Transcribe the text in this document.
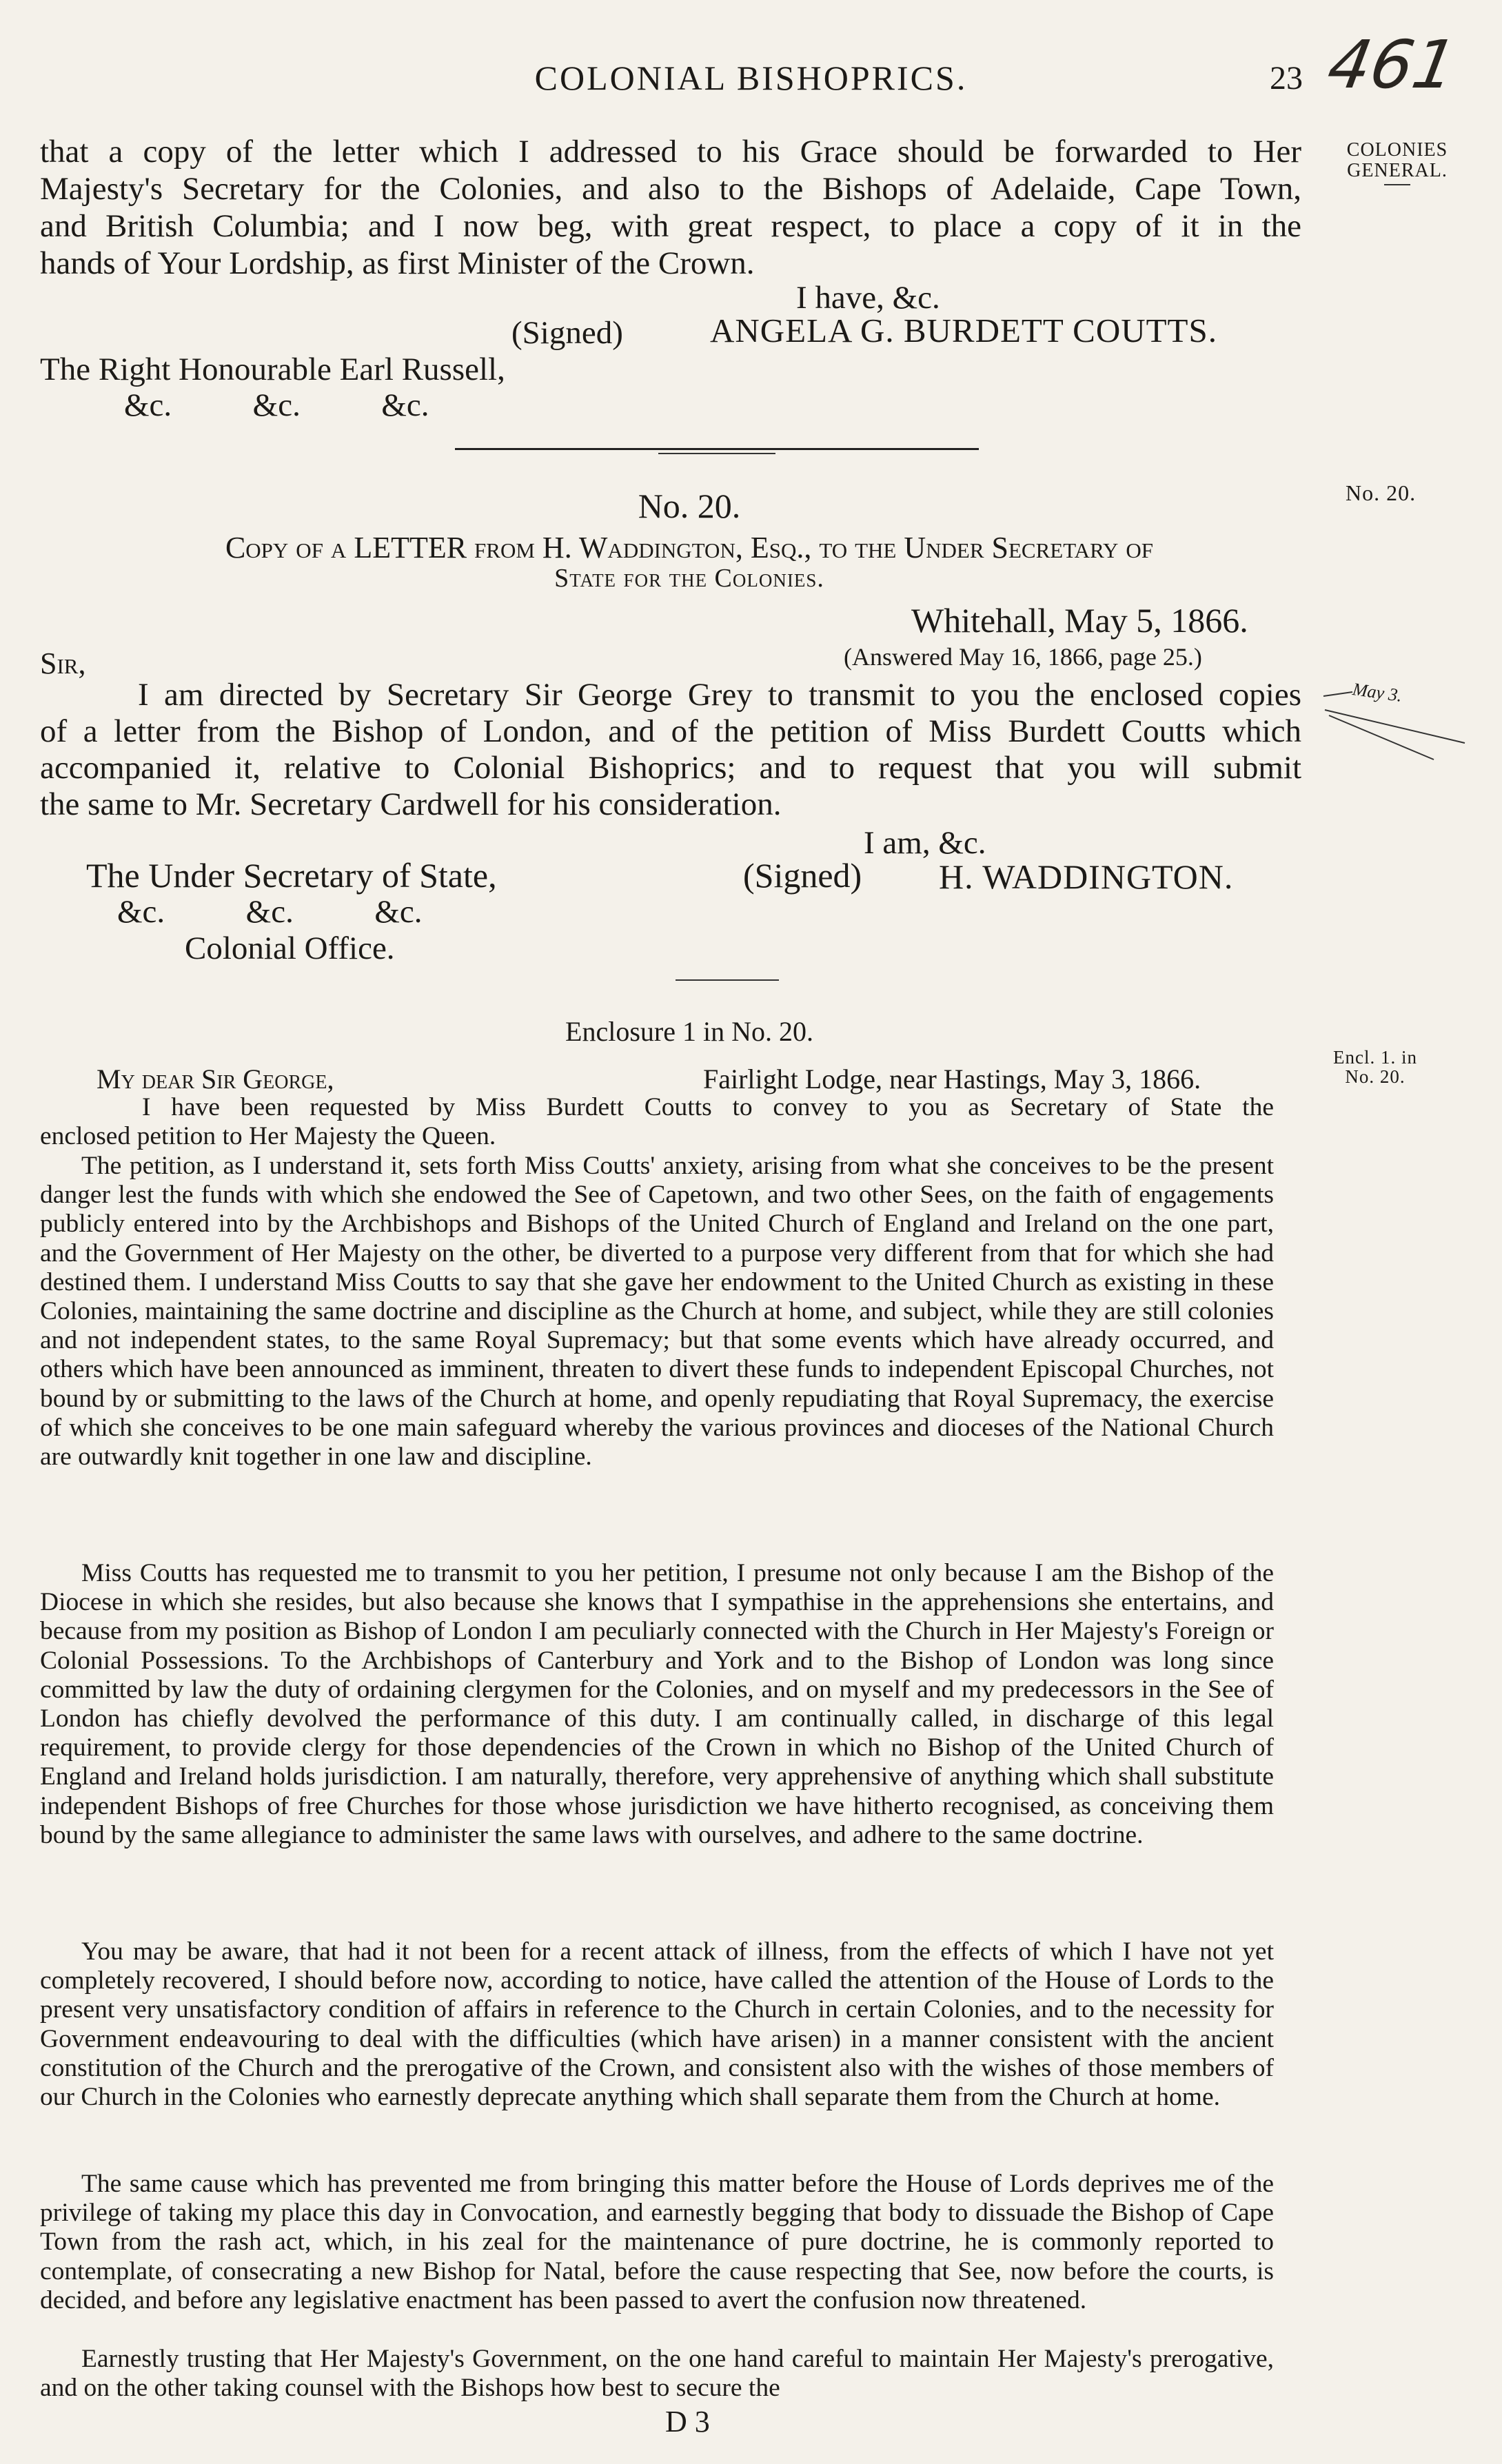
COLONIAL BISHOPRICS.	23 461
COLONIES
GENERAL.
No. 20.
May 3.
Encl. 1. in
No. 20.
that a copy of the letter which I addressed to his Grace should be forwarded to Her
Majesty's Secretary for the Colonies, and also to the Bishops of Adelaide, Cape Town,
and British Columbia; and I now beg, with great respect, to place a copy of it in the
hands of Your Lordship, as first Minister of the Crown.
I have, &c.
(Signed)	ANGELA G. BURDETT COUTTS.
The Right Honourable Earl Russell,
&c.          &c.          &c.
No. 20.
Copy of a LETTER from H. Waddington, Esq., to the Under Secretary of
State for the Colonies.
Whitehall, May 5, 1866.
(Answered May 16, 1866, page 25.)
Sir,
I am directed by Secretary Sir George Grey to transmit to you the enclosed copies
of a letter from the Bishop of London, and of the petition of Miss Burdett Coutts which
accompanied it, relative to Colonial Bishoprics; and to request that you will submit
the same to Mr. Secretary Cardwell for his consideration.
I am, &c.
The Under Secretary of State,	(Signed) H. WADDINGTON.
&c.          &c.          &c.
Colonial Office.
Enclosure 1 in No. 20.
My dear Sir George,	Fairlight Lodge, near Hastings, May 3, 1866.
I have been requested by Miss Burdett Coutts to convey to you as Secretary of State the
enclosed petition to Her Majesty the Queen.
The petition, as I understand it, sets forth Miss Coutts' anxiety, arising from what she conceives to be the present danger lest the funds with which she endowed the See of Capetown, and two other Sees, on the faith of engagements publicly entered into by the Archbishops and Bishops of the United Church of England and Ireland on the one part, and the Government of Her Majesty on the other, be diverted to a purpose very different from that for which she had destined them. I understand Miss Coutts to say that she gave her endowment to the United Church as existing in these Colonies, maintaining the same doctrine and discipline as the Church at home, and subject, while they are still colonies and not independent states, to the same Royal Supremacy; but that some events which have already occurred, and others which have been announced as imminent, threaten to divert these funds to independent Episcopal Churches, not bound by or submitting to the laws of the Church at home, and openly repudiating that Royal Supremacy, the exercise of which she conceives to be one main safeguard whereby the various provinces and dioceses of the National Church are outwardly knit together in one law and discipline.
Miss Coutts has requested me to transmit to you her petition, I presume not only because I am the Bishop of the Diocese in which she resides, but also because she knows that I sympathise in the apprehensions she entertains, and because from my position as Bishop of London I am peculiarly connected with the Church in Her Majesty's Foreign or Colonial Possessions. To the Archbishops of Canterbury and York and to the Bishop of London was long since committed by law the duty of ordaining clergymen for the Colonies, and on myself and my predecessors in the See of London has chiefly devolved the performance of this duty. I am continually called, in discharge of this legal requirement, to provide clergy for those dependencies of the Crown in which no Bishop of the United Church of England and Ireland holds jurisdiction. I am naturally, therefore, very apprehensive of anything which shall substitute independent Bishops of free Churches for those whose jurisdiction we have hitherto recognised, as conceiving them bound by the same allegiance to administer the same laws with ourselves, and adhere to the same doctrine.
You may be aware, that had it not been for a recent attack of illness, from the effects of which I have not yet completely recovered, I should before now, according to notice, have called the attention of the House of Lords to the present very unsatisfactory condition of affairs in reference to the Church in certain Colonies, and to the necessity for Government endeavouring to deal with the difficulties (which have arisen) in a manner consistent with the ancient constitution of the Church and the prerogative of the Crown, and consistent also with the wishes of those members of our Church in the Colonies who earnestly deprecate anything which shall separate them from the Church at home.
The same cause which has prevented me from bringing this matter before the House of Lords deprives me of the privilege of taking my place this day in Convocation, and earnestly begging that body to dissuade the Bishop of Cape Town from the rash act, which, in his zeal for the maintenance of pure doctrine, he is commonly reported to contemplate, of consecrating a new Bishop for Natal, before the cause respecting that See, now before the courts, is decided, and before any legislative enactment has been passed to avert the confusion now threatened.
Earnestly trusting that Her Majesty's Government, on the one hand careful to maintain Her Majesty's prerogative, and on the other taking counsel with the Bishops how best to secure the
D 3
